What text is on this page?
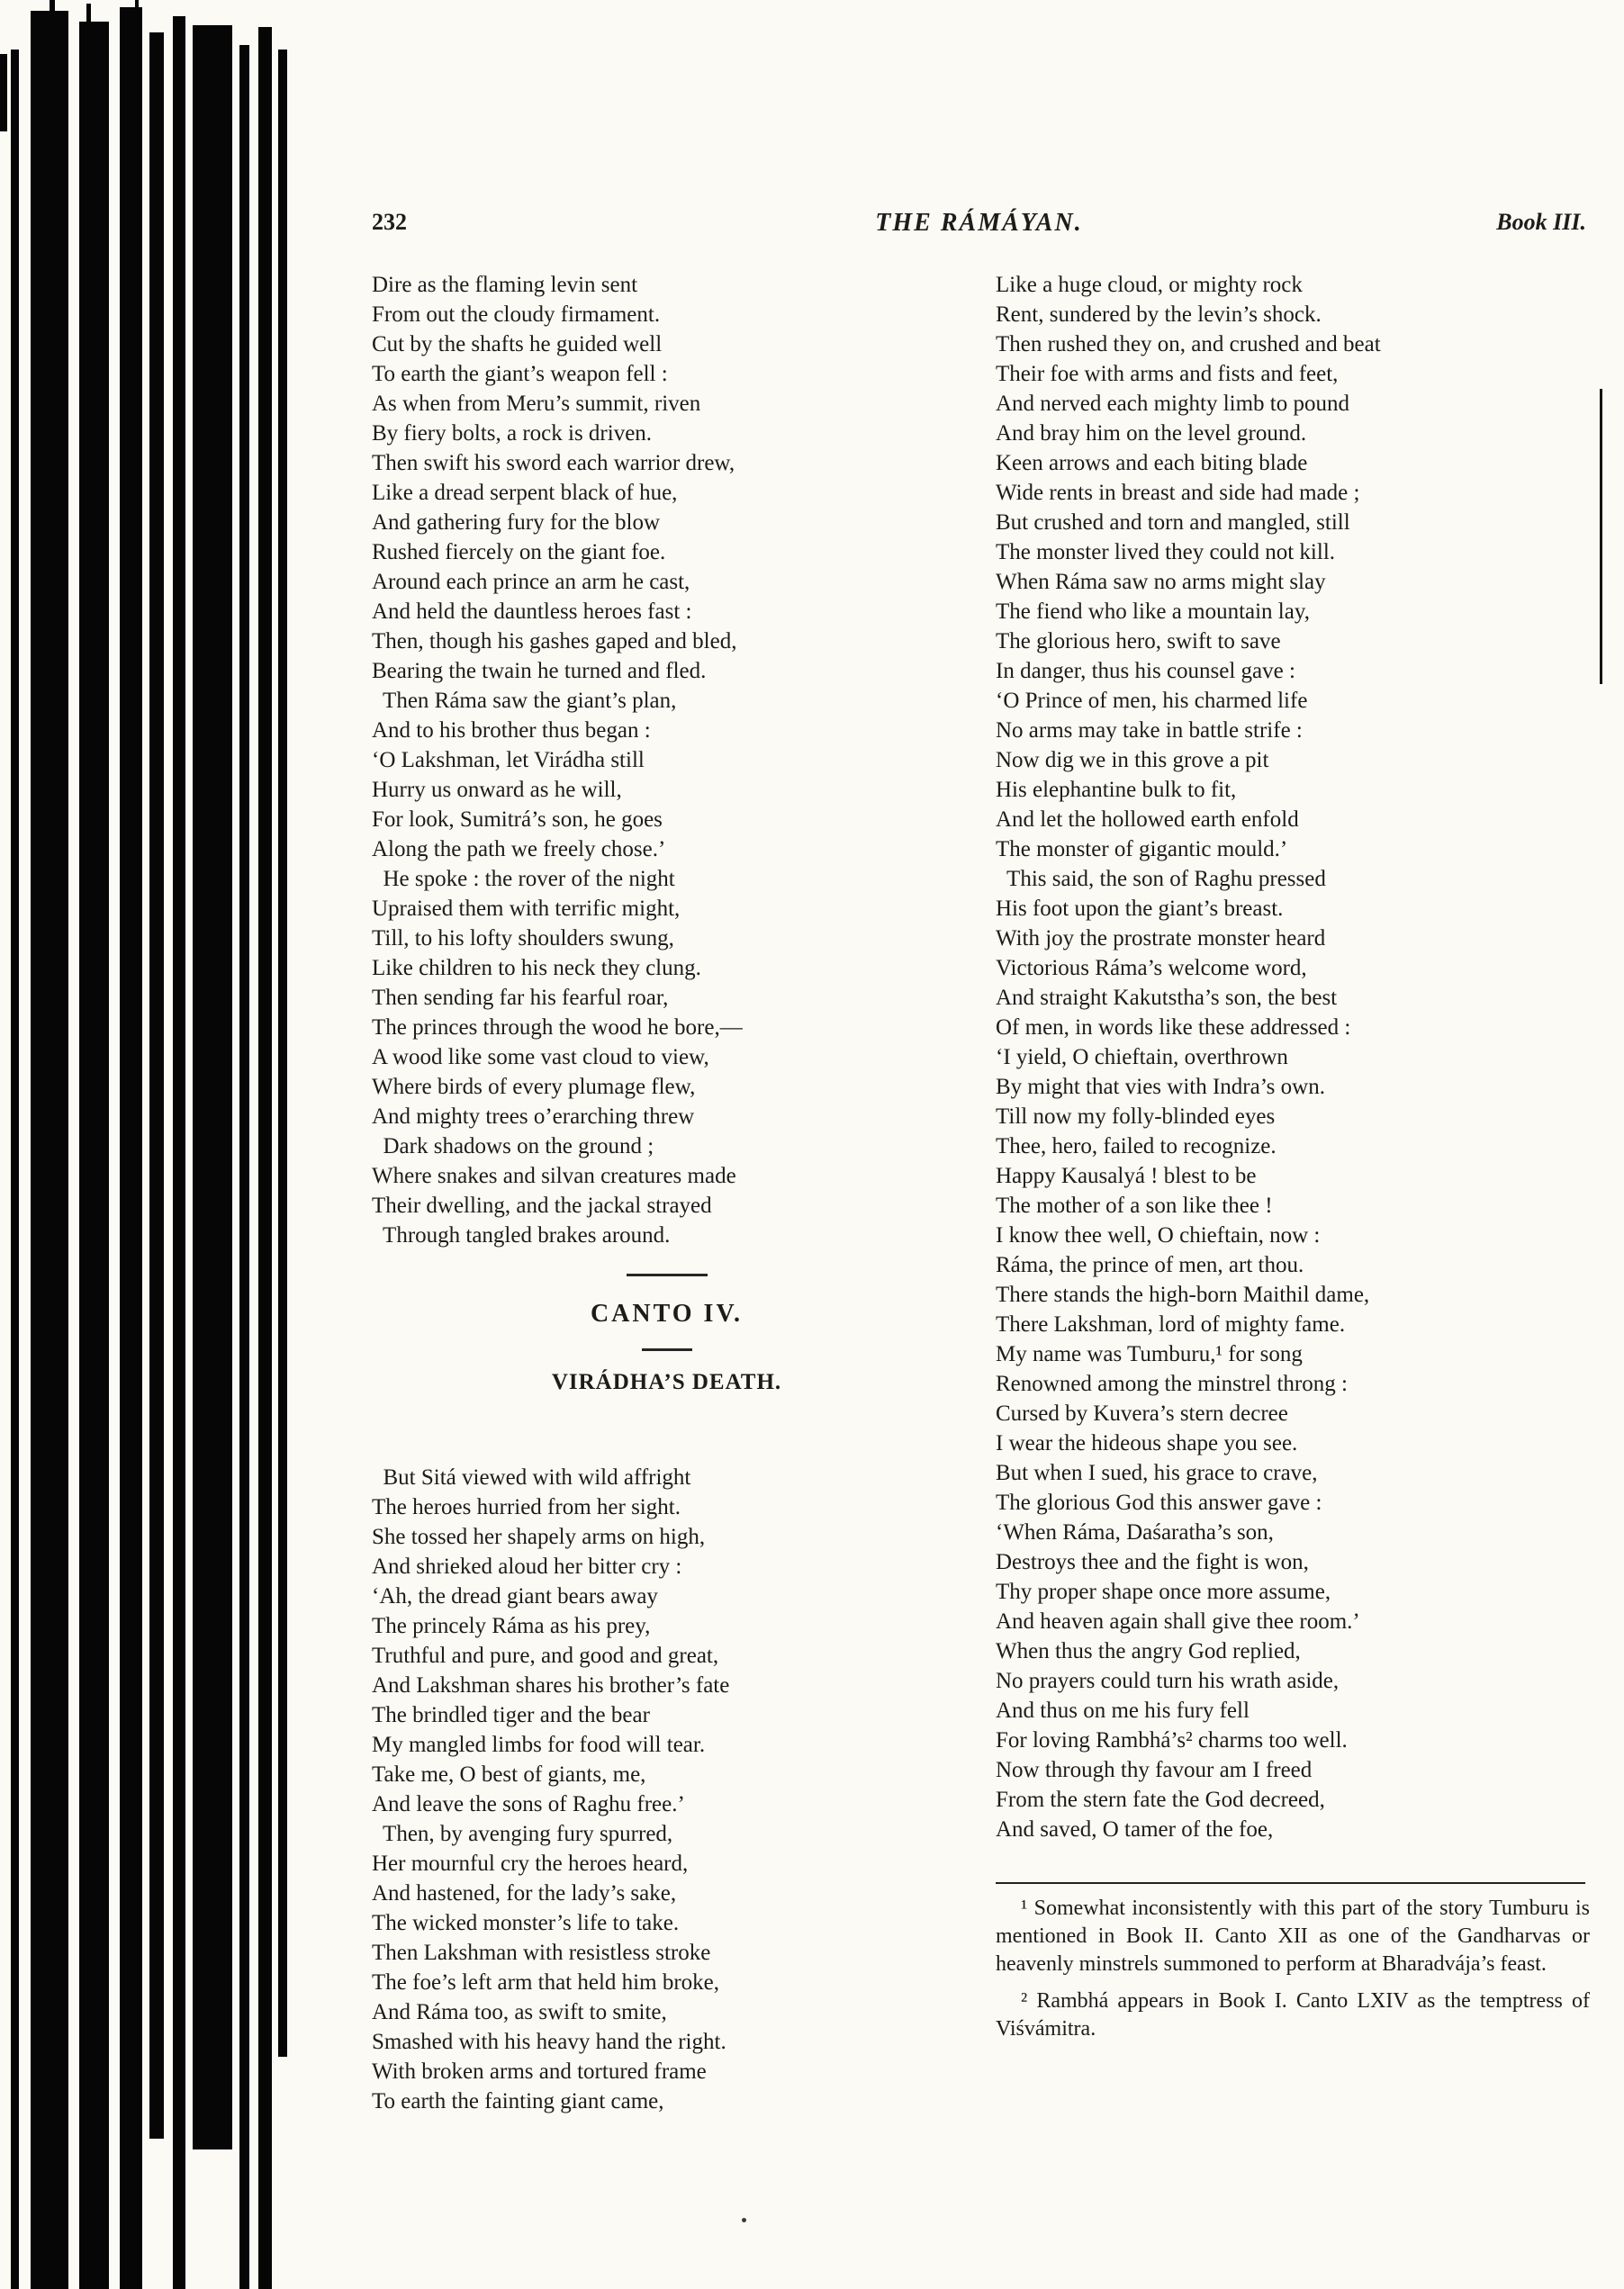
232	THE RÁMÁYAN.	Book III.
Dire as the flaming levin sent
From out the cloudy firmament.
Cut by the shafts he guided well
To earth the giant’s weapon fell :
As when from Meru’s summit, riven
By fiery bolts, a rock is driven.
Then swift his sword each warrior drew,
Like a dread serpent black of hue,
And gathering fury for the blow
Rushed fiercely on the giant foe.
Around each prince an arm he cast,
And held the dauntless heroes fast :
Then, though his gashes gaped and bled,
Bearing the twain he turned and fled.
Then Ráma saw the giant’s plan,
And to his brother thus began :
‘O Lakshman, let Virádha still
Hurry us onward as he will,
For look, Sumitrá’s son, he goes
Along the path we freely chose.’
He spoke : the rover of the night
Upraised them with terrific might,
Till, to his lofty shoulders swung,
Like children to his neck they clung.
Then sending far his fearful roar,
The princes through the wood he bore,—
A wood like some vast cloud to view,
Where birds of every plumage flew,
And mighty trees o’erarching threw
Dark shadows on the ground ;
Where snakes and silvan creatures made
Their dwelling, and the jackal strayed
Through tangled brakes around.
CANTO IV.
VIRÁDHA’S DEATH.
But Sitá viewed with wild affright
The heroes hurried from her sight.
She tossed her shapely arms on high,
And shrieked aloud her bitter cry :
‘Ah, the dread giant bears away
The princely Ráma as his prey,
Truthful and pure, and good and great,
And Lakshman shares his brother’s fate
The brindled tiger and the bear
My mangled limbs for food will tear.
Take me, O best of giants, me,
And leave the sons of Raghu free.’
Then, by avenging fury spurred,
Her mournful cry the heroes heard,
And hastened, for the lady’s sake,
The wicked monster’s life to take.
Then Lakshman with resistless stroke
The foe’s left arm that held him broke,
And Ráma too, as swift to smite,
Smashed with his heavy hand the right.
With broken arms and tortured frame
To earth the fainting giant came,
Like a huge cloud, or mighty rock
Rent, sundered by the levin’s shock.
Then rushed they on, and crushed and beat
Their foe with arms and fists and feet,
And nerved each mighty limb to pound
And bray him on the level ground.
Keen arrows and each biting blade
Wide rents in breast and side had made ;
But crushed and torn and mangled, still
The monster lived they could not kill.
When Ráma saw no arms might slay
The fiend who like a mountain lay,
The glorious hero, swift to save
In danger, thus his counsel gave :
‘O Prince of men, his charmed life
No arms may take in battle strife :
Now dig we in this grove a pit
His elephantine bulk to fit,
And let the hollowed earth enfold
The monster of gigantic mould.’
This said, the son of Raghu pressed
His foot upon the giant’s breast.
With joy the prostrate monster heard
Victorious Ráma’s welcome word,
And straight Kakutstha’s son, the best
Of men, in words like these addressed :
‘I yield, O chieftain, overthrown
By might that vies with Indra’s own.
Till now my folly-blinded eyes
Thee, hero, failed to recognize.
Happy Kausalyá ! blest to be
The mother of a son like thee !
I know thee well, O chieftain, now :
Ráma, the prince of men, art thou.
There stands the high-born Maithil dame,
There Lakshman, lord of mighty fame.
My name was Tumburu,¹ for song
Renowned among the minstrel throng :
Cursed by Kuvera’s stern decree
I wear the hideous shape you see.
But when I sued, his grace to crave,
The glorious God this answer gave :
‘When Ráma, Daśaratha’s son,
Destroys thee and the fight is won,
Thy proper shape once more assume,
And heaven again shall give thee room.’
When thus the angry God replied,
No prayers could turn his wrath aside,
And thus on me his fury fell
For loving Rambhá’s² charms too well.
Now through thy favour am I freed
From the stern fate the God decreed,
And saved, O tamer of the foe,
¹ Somewhat inconsistently with this part of the story Tumburu is mentioned in Book II. Canto XII as one of the Gandharvas or heavenly minstrels summoned to perform at Bharadvája’s feast.
² Rambhá appears in Book I. Canto LXIV as the temptress of Viśvámitra.
